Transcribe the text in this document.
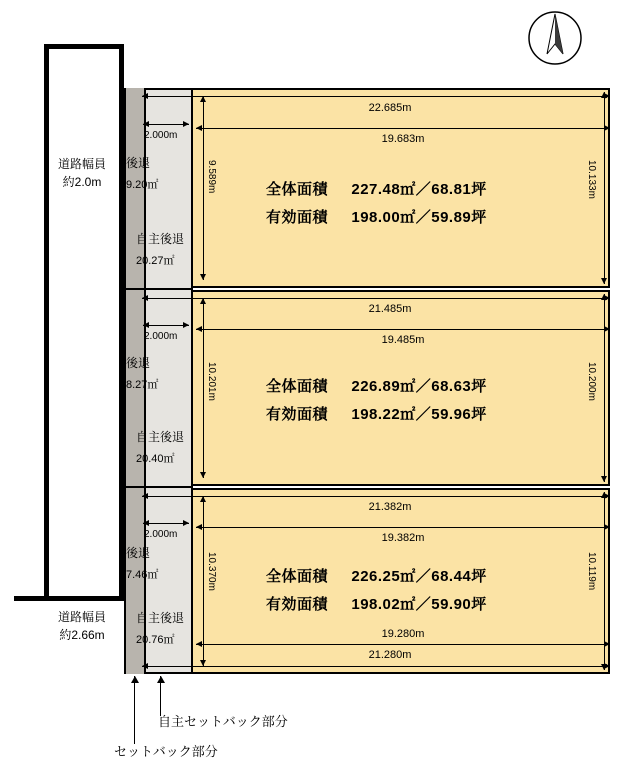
道路幅員
約2.0m
道路幅員
約2.66m
9.589m	10.133m
22.685m
19.683m
2.000m
後退
9.20㎡
自主後退
20.27㎡
全体面積 227.48㎡／68.81坪
有効面積 198.00㎡／59.89坪
10.201m	10.200m
21.485m
19.485m
2.000m
後退
8.27㎡
自主後退
20.40㎡
全体面積 226.89㎡／68.63坪
有効面積 198.22㎡／59.96坪
10.370m	10.119m
21.382m
19.382m
2.000m
後退
7.46㎡
自主後退
20.76㎡
全体面積 226.25㎡／68.44坪
有効面積 198.02㎡／59.90坪
19.280m
21.280m
自主セットバック部分
セットバック部分
